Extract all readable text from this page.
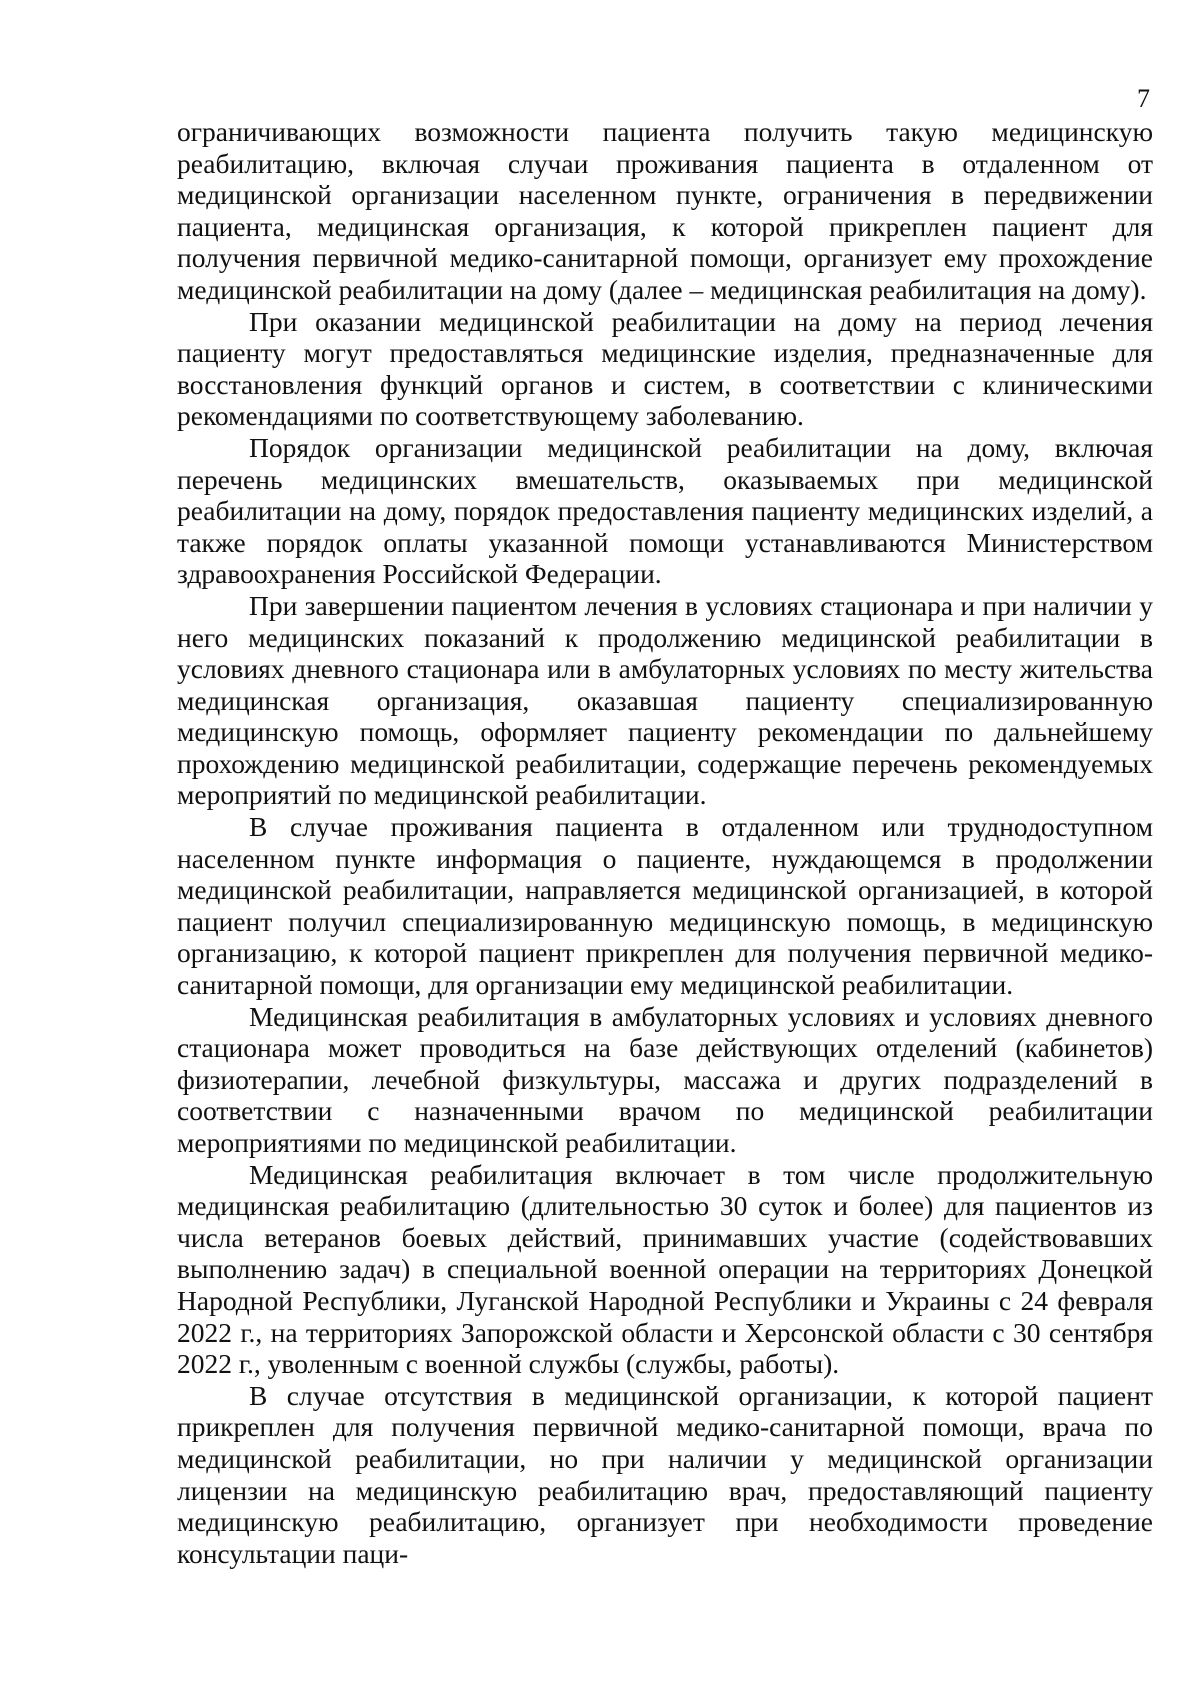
7

ограничивающих возможности пациента получить такую медицинскую реабилитацию, включая случаи проживания пациента в отдаленном от медицинской организации населенном пункте, ограничения в передвижении пациента, медицинская организация, к которой прикреплен пациент для получения первичной медико-санитарной помощи, организует ему прохождение медицинской реабилитации на дому (далее – медицинская реабилитация на дому).

При оказании медицинской реабилитации на дому на период лечения пациенту могут предоставляться медицинские изделия, предназначенные для восстановления функций органов и систем, в соответствии с клиническими рекомендациями по соответствующему заболеванию.

Порядок организации медицинской реабилитации на дому, включая перечень медицинских вмешательств, оказываемых при медицинской реабилитации на дому, порядок предоставления пациенту медицинских изделий, а также порядок оплаты указанной помощи устанавливаются Министерством здравоохранения Российской Федерации.

При завершении пациентом лечения в условиях стационара и при наличии у него медицинских показаний к продолжению медицинской реабилитации в условиях дневного стационара или в амбулаторных условиях по месту жительства медицинская организация, оказавшая пациенту специализированную медицинскую помощь, оформляет пациенту рекомендации по дальнейшему прохождению медицинской реабилитации, содержащие перечень рекомендуемых мероприятий по медицинской реабилитации.

В случае проживания пациента в отдаленном или труднодоступном населенном пункте информация о пациенте, нуждающемся в продолжении медицинской реабилитации, направляется медицинской организацией, в которой пациент получил специализированную медицинскую помощь, в медицинскую организацию, к которой пациент прикреплен для получения первичной медико-санитарной помощи, для организации ему медицинской реабилитации.

Медицинская реабилитация в амбулаторных условиях и условиях дневного стационара может проводиться на базе действующих отделений (кабинетов) физиотерапии, лечебной физкультуры, массажа и других подразделений в соответствии с назначенными врачом по медицинской реабилитации мероприятиями по медицинской реабилитации.

Медицинская реабилитация включает в том числе продолжительную медицинская реабилитацию (длительностью 30 суток и более) для пациентов из числа ветеранов боевых действий, принимавших участие (содействовавших выполнению задач) в специальной военной операции на территориях Донецкой Народной Республики, Луганской Народной Республики и Украины с 24 февраля 2022 г., на территориях Запорожской области и Херсонской области с 30 сентября 2022 г., уволенным с военной службы (службы, работы).

В случае отсутствия в медицинской организации, к которой пациент прикреплен для получения первичной медико-санитарной помощи, врача по медицинской реабилитации, но при наличии у медицинской организации лицензии на медицинскую реабилитацию врач, предоставляющий пациенту медицинскую реабилитацию, организует при необходимости проведение консультации паци-
